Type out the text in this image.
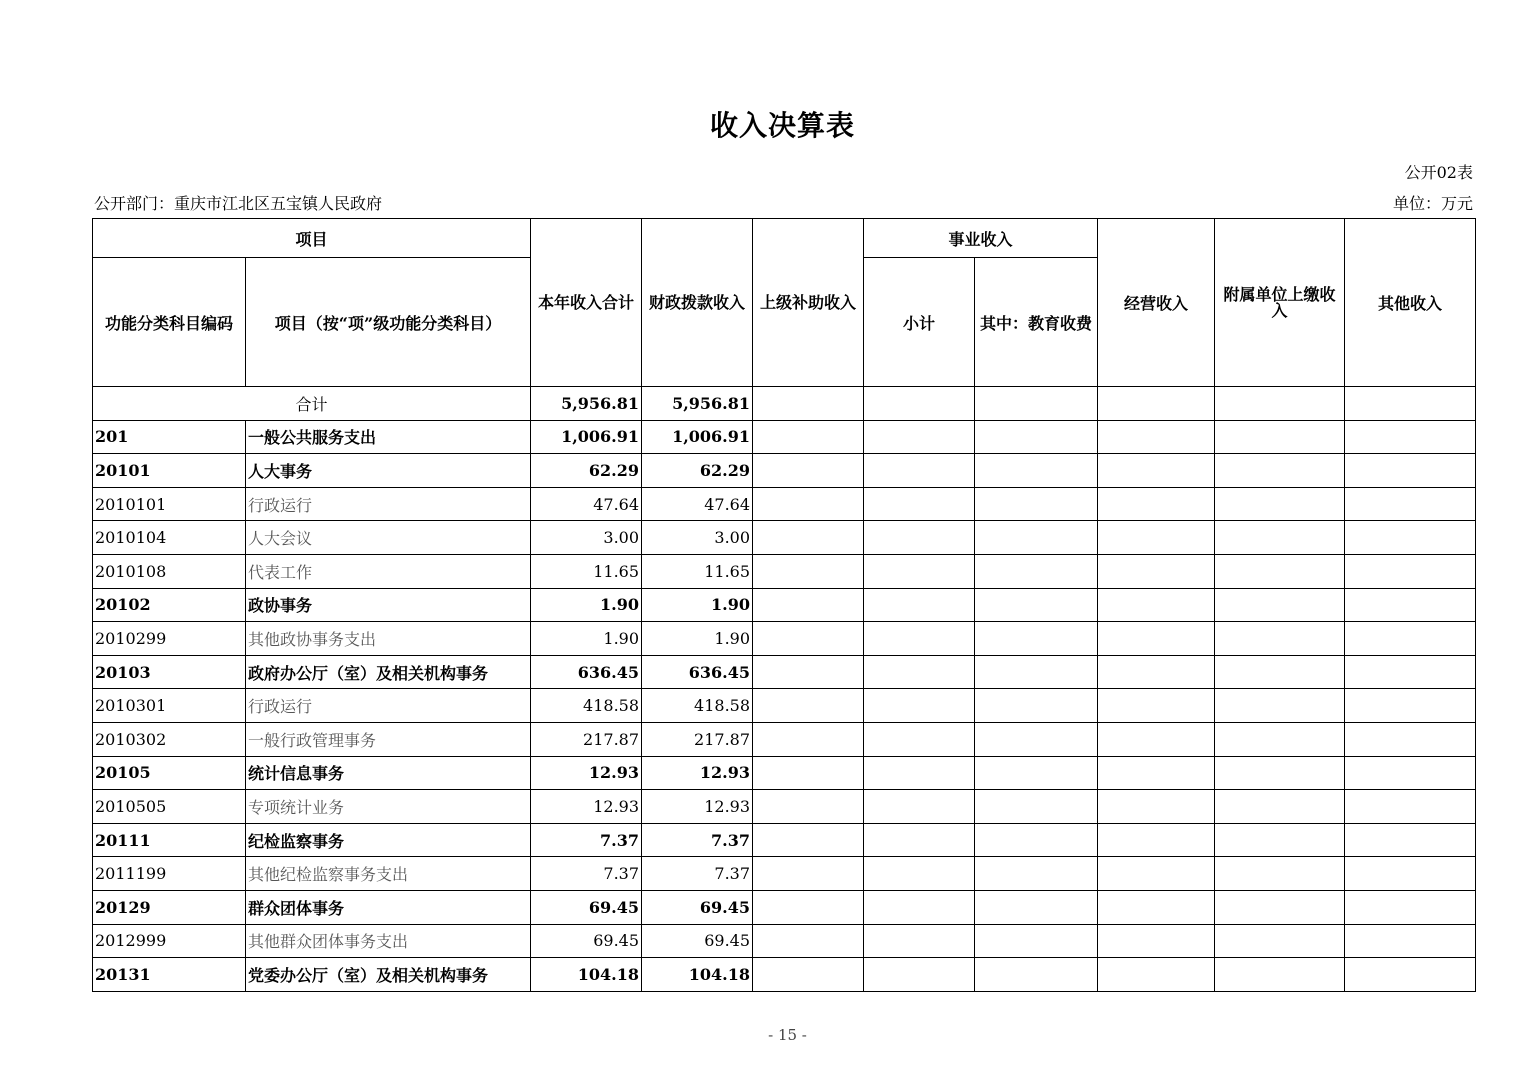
收入决算表
公开02表
公开部门：重庆市江北区五宝镇人民政府	单位：万元
项目		本年收入合计	财政拨款收入	上级补助收入	事业收入		经营收入	附属单位上缴收入	其他收入
功能分类科目编码	项目（按“项”级功能分类科目）				小计	其中：教育收费			
合计		5,956.81	5,956.81						
201	一般公共服务支出	1,006.91	1,006.91						
20101	人大事务	62.29	62.29						
2010101	行政运行	47.64	47.64						
2010104	人大会议	3.00	3.00						
2010108	代表工作	11.65	11.65						
20102	政协事务	1.90	1.90						
2010299	其他政协事务支出	1.90	1.90						
20103	政府办公厅（室）及相关机构事务	636.45	636.45						
2010301	行政运行	418.58	418.58						
2010302	一般行政管理事务	217.87	217.87						
20105	统计信息事务	12.93	12.93						
2010505	专项统计业务	12.93	12.93						
20111	纪检监察事务	7.37	7.37						
2011199	其他纪检监察事务支出	7.37	7.37						
20129	群众团体事务	69.45	69.45						
2012999	其他群众团体事务支出	69.45	69.45						
20131	党委办公厅（室）及相关机构事务	104.18	104.18						
- 15 -
